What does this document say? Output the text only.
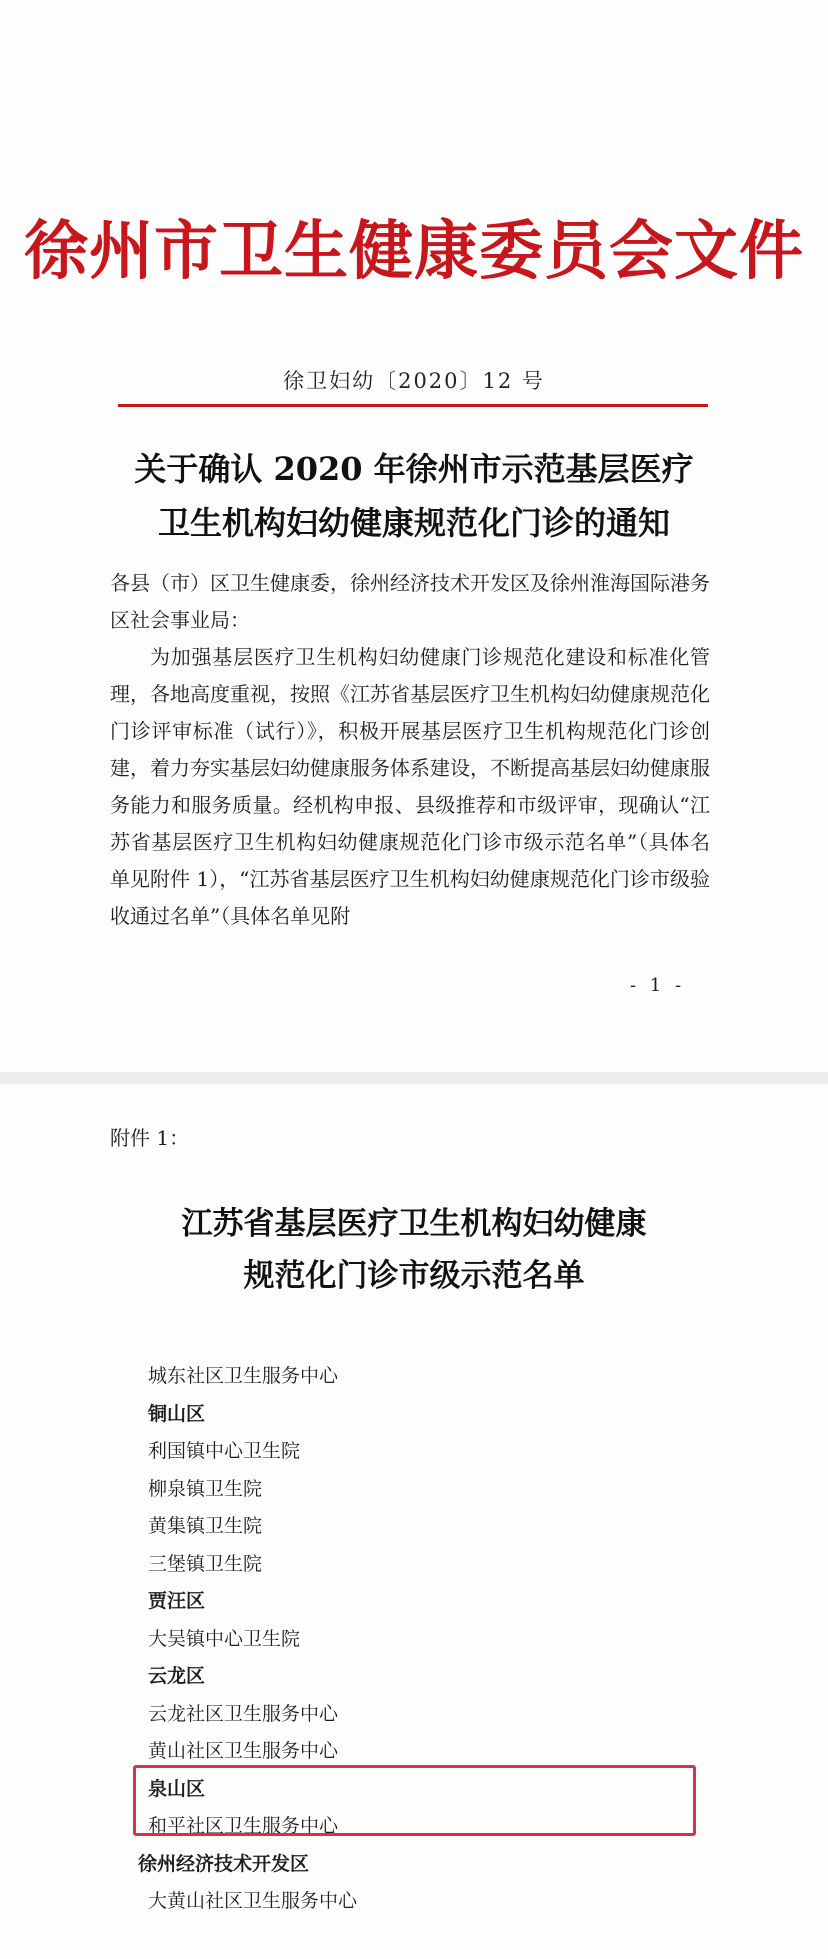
徐州市卫生健康委员会文件
徐卫妇幼〔2020〕12 号
关于确认 2020 年徐州市示范基层医疗
卫生机构妇幼健康规范化门诊的通知

各县（市）区卫生健康委，徐州经济技术开发区及徐州淮海国际港务区社会事业局：

为加强基层医疗卫生机构妇幼健康门诊规范化建设和标准化管理，各地高度重视，按照《江苏省基层医疗卫生机构妇幼健康规范化门诊评审标准（试行）》，积极开展基层医疗卫生机构规范化门诊创建，着力夯实基层妇幼健康服务体系建设，不断提高基层妇幼健康服务能力和服务质量。经机构申报、县级推荐和市级评审，现确认“江苏省基层医疗卫生机构妇幼健康规范化门诊市级示范名单”（具体名单见附件 1），“江苏省基层医疗卫生机构妇幼健康规范化门诊市级验收通过名单”（具体名单见附

- 1 -
附件 1：
江苏省基层医疗卫生机构妇幼健康
规范化门诊市级示范名单
城东社区卫生服务中心
铜山区
利国镇中心卫生院
柳泉镇卫生院
黄集镇卫生院
三堡镇卫生院
贾汪区
大吴镇中心卫生院
云龙区
云龙社区卫生服务中心
黄山社区卫生服务中心
泉山区
和平社区卫生服务中心
徐州经济技术开发区
大黄山社区卫生服务中心
